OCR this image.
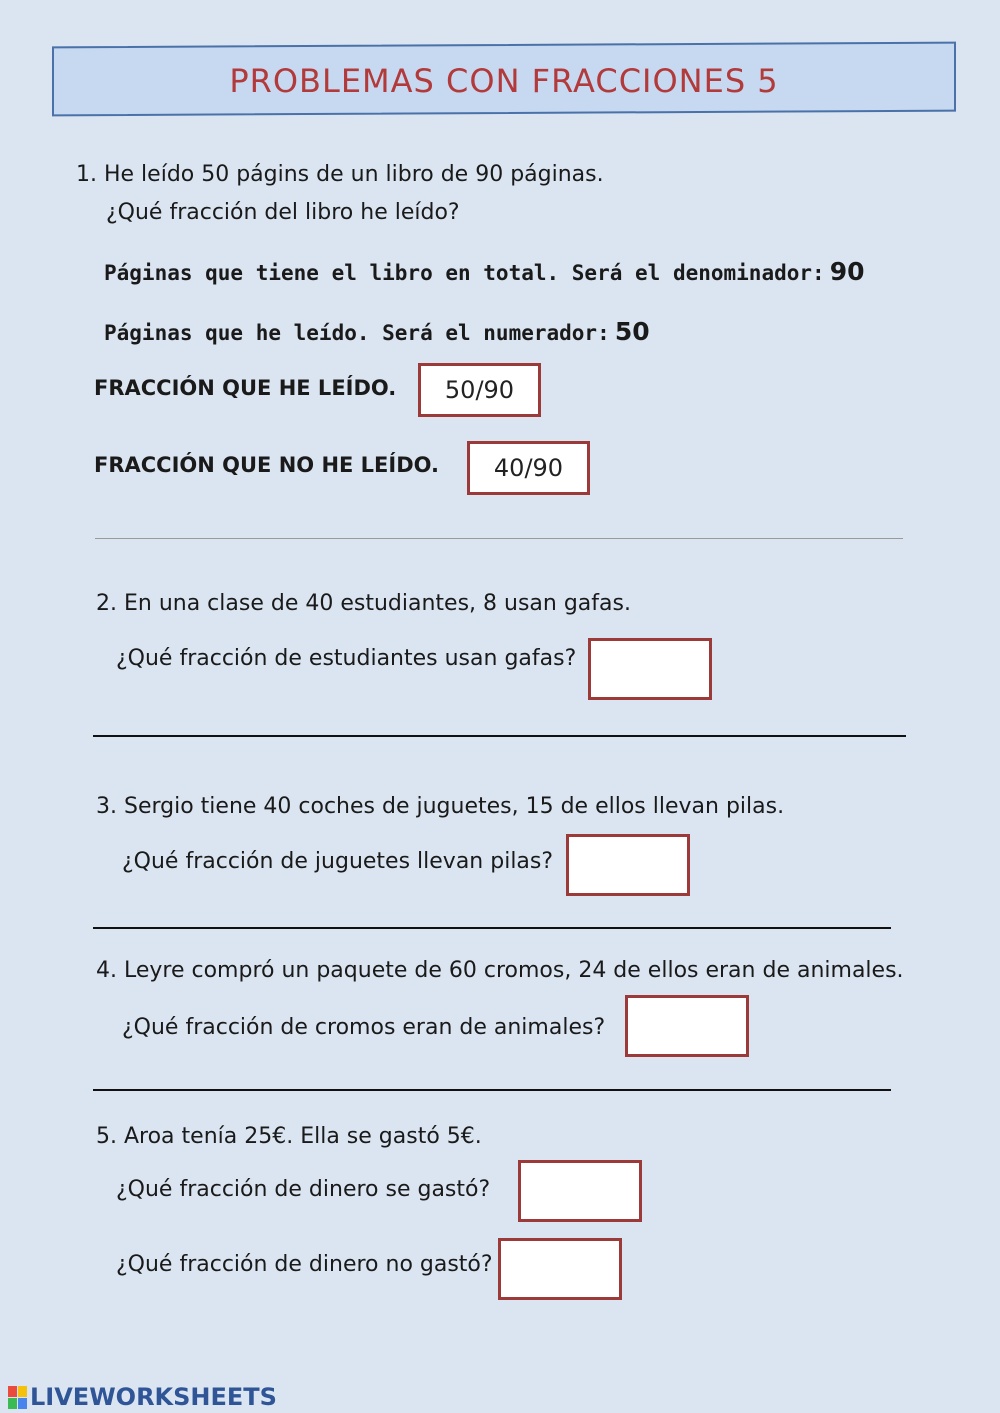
PROBLEMAS CON FRACCIONES 5
1. He leído 50 págins de un libro de 90 páginas.
¿Qué fracción del libro he leído?
Páginas que tiene el libro en total. Será el denominador: 90
Páginas que he leído. Será el numerador: 50
FRACCIÓN QUE HE LEÍDO.	50/90
FRACCIÓN QUE NO HE LEÍDO.	40/90
2. En una clase de 40 estudiantes, 8 usan gafas.
¿Qué fracción de estudiantes usan gafas?
3. Sergio tiene 40 coches de juguetes, 15 de ellos llevan pilas.
¿Qué fracción de juguetes llevan pilas?
4. Leyre compró un paquete de 60 cromos, 24 de ellos eran de animales.
¿Qué fracción de cromos eran de animales?
5. Aroa tenía 25€. Ella se gastó 5€.
¿Qué fracción de dinero se gastó?
¿Qué fracción de dinero no gastó?
LIVEWORKSHEETS
